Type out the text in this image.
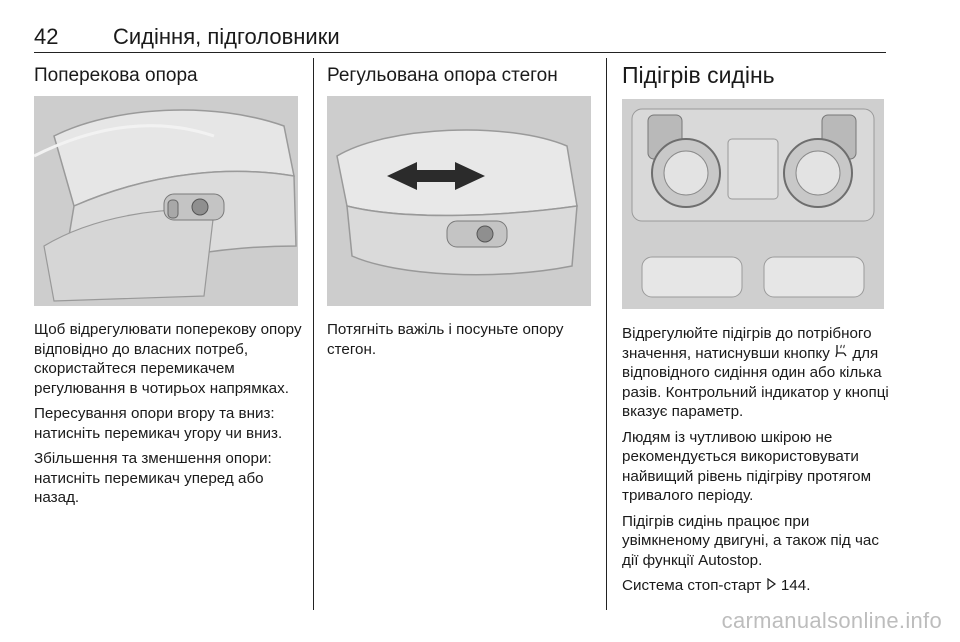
42 Сидіння, підголовники
Поперекова опора

Щоб відрегулювати поперекову опору відповідно до власних потреб, скористайтеся перемикачем регулювання в чотирьох напрямках.

Пересування опори вгору та вниз: натисніть перемикач угору чи вниз.

Збільшення та зменшення опори: натисніть перемикач уперед або назад.

Регульована опора стегон

Потягніть важіль і посуньте опору стегон.

Підігрів сидінь

Відрегулюйте підігрів до потрібного значення, натиснувши кнопку для відповідного сидіння один або кілька разів. Контрольний індикатор у кнопці вказує параметр.

Людям із чутливою шкірою не рекомендується використовувати найвищий рівень підігріву протягом тривалого періоду.

Підігрів сидінь працює при увімкненому двигуні, а також під час дії функції Autostop.

Система стоп-старт 144.

carmanualsonline.info
